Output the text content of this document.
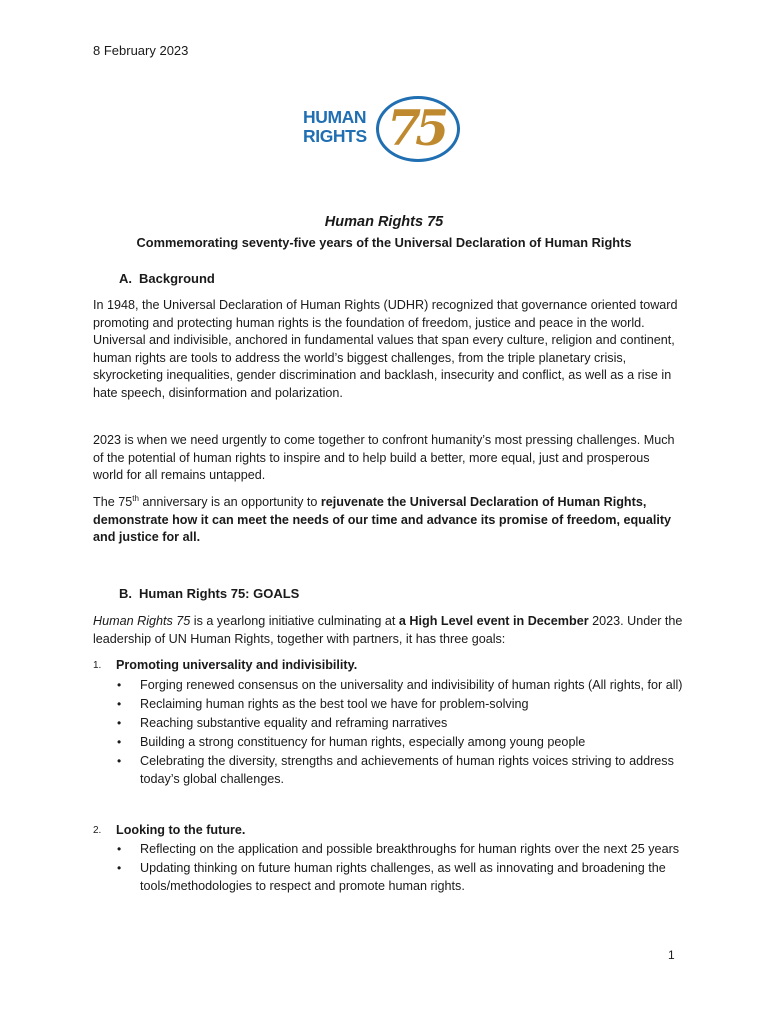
8 February 2023
HUMAN
RIGHTS 75
Human Rights 75
Commemorating seventy-five years of the Universal Declaration of Human Rights
A. Background
In 1948, the Universal Declaration of Human Rights (UDHR) recognized that governance oriented toward promoting and protecting human rights is the foundation of freedom, justice and peace in the world. Universal and indivisible, anchored in fundamental values that span every culture, religion and continent, human rights are tools to address the world’s biggest challenges, from the triple planetary crisis, skyrocketing inequalities, gender discrimination and backlash, insecurity and conflict, as well as a rise in hate speech, disinformation and polarization.
2023 is when we need urgently to come together to confront humanity’s most pressing challenges. Much of the potential of human rights to inspire and to help build a better, more equal, just and prosperous world for all remains untapped.
The 75th anniversary is an opportunity to rejuvenate the Universal Declaration of Human Rights, demonstrate how it can meet the needs of our time and advance its promise of freedom, equality and justice for all.
B. Human Rights 75: GOALS
Human Rights 75 is a yearlong initiative culminating at a High Level event in December 2023. Under the leadership of UN Human Rights, together with partners, it has three goals:
1. Promoting universality and indivisibility.
• Forging renewed consensus on the universality and indivisibility of human rights (All rights, for all)
• Reclaiming human rights as the best tool we have for problem-solving
• Reaching substantive equality and reframing narratives
• Building a strong constituency for human rights, especially among young people
• Celebrating the diversity, strengths and achievements of human rights voices striving to address today’s global challenges.
2. Looking to the future.
• Reflecting on the application and possible breakthroughs for human rights over the next 25 years
• Updating thinking on future human rights challenges, as well as innovating and broadening the tools/methodologies to respect and promote human rights.
1
